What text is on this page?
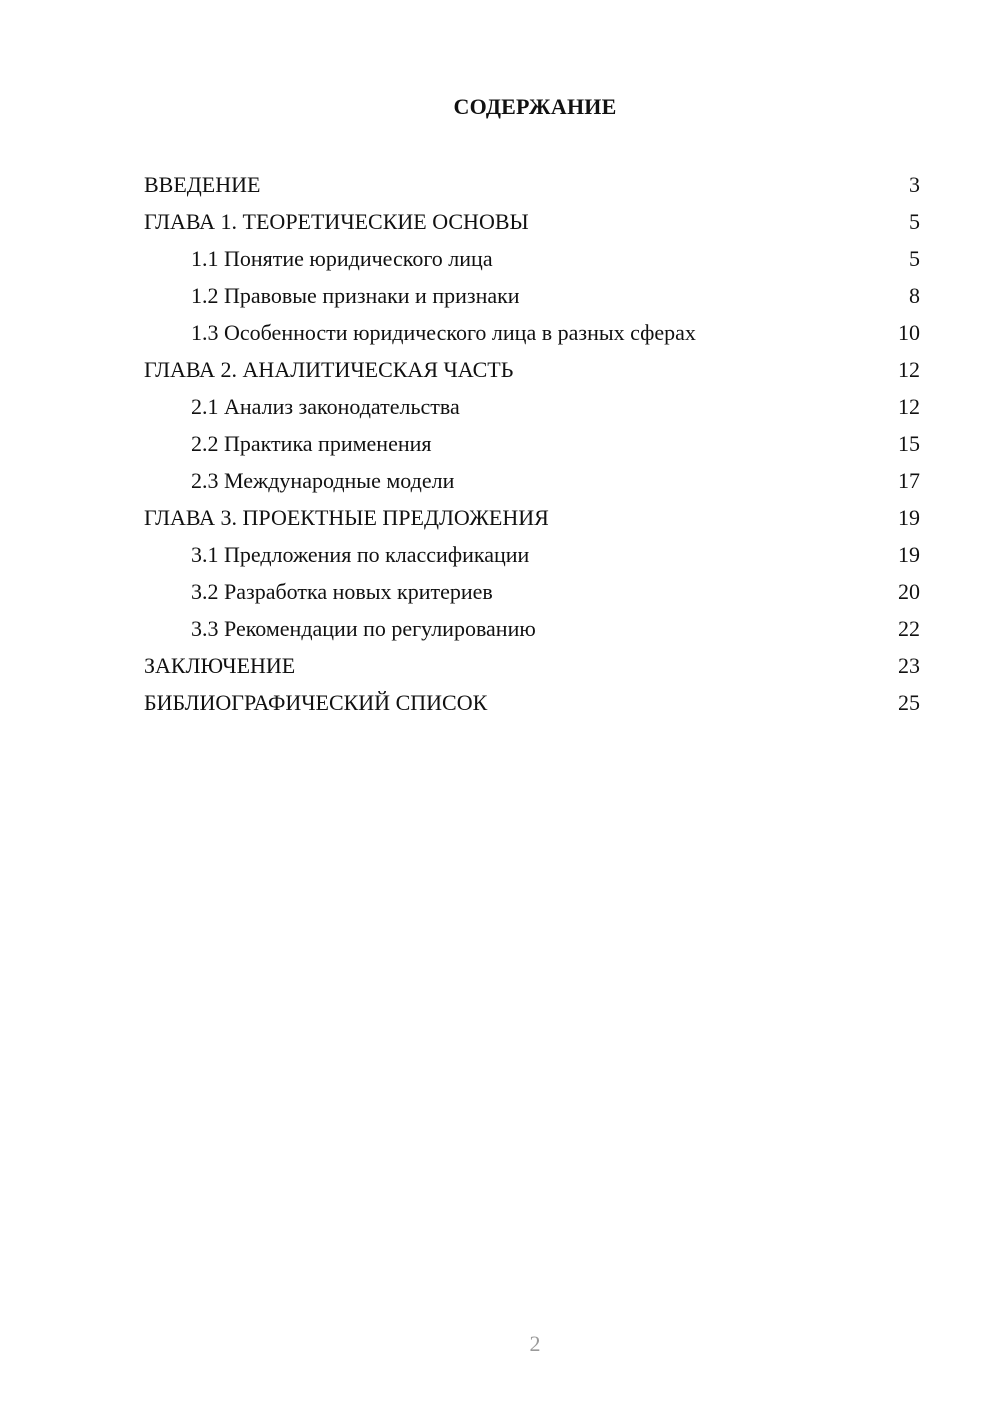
СОДЕРЖАНИЕ
ВВЕДЕНИЕ	3
ГЛАВА 1. ТЕОРЕТИЧЕСКИЕ ОСНОВЫ	5
1.1 Понятие юридического лица	5
1.2 Правовые признаки и признаки	8
1.3 Особенности юридического лица в разных сферах	10
ГЛАВА 2. АНАЛИТИЧЕСКАЯ ЧАСТЬ	12
2.1 Анализ законодательства	12
2.2 Практика применения	15
2.3 Международные модели	17
ГЛАВА 3. ПРОЕКТНЫЕ ПРЕДЛОЖЕНИЯ	19
3.1 Предложения по классификации	19
3.2 Разработка новых критериев	20
3.3 Рекомендации по регулированию	22
ЗАКЛЮЧЕНИЕ	23
БИБЛИОГРАФИЧЕСКИЙ СПИСОК	25
2
